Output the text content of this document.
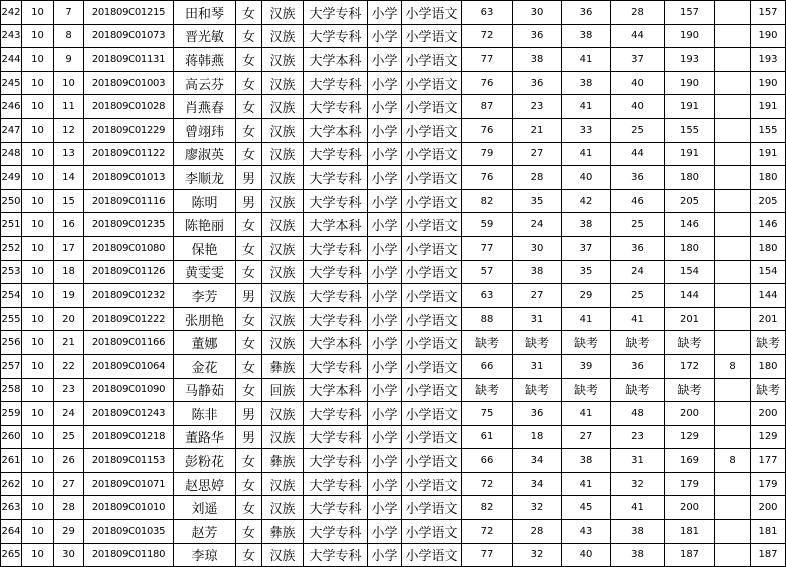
242	10	7	201809C01215	田和琴	女	汉族	大学专科	小学	小学语文	63	30	36	28	157		157
243	10	8	201809C01073	晋光敏	女	汉族	大学专科	小学	小学语文	72	36	38	44	190		190
244	10	9	201809C01131	蒋韩燕	女	汉族	大学本科	小学	小学语文	77	38	41	37	193		193
245	10	10	201809C01003	高云芬	女	汉族	大学专科	小学	小学语文	76	36	38	40	190		190
246	10	11	201809C01028	肖燕春	女	汉族	大学专科	小学	小学语文	87	23	41	40	191		191
247	10	12	201809C01229	曾翊玮	女	汉族	大学本科	小学	小学语文	76	21	33	25	155		155
248	10	13	201809C01122	廖淑英	女	汉族	大学专科	小学	小学语文	79	27	41	44	191		191
249	10	14	201809C01013	李顺龙	男	汉族	大学专科	小学	小学语文	76	28	40	36	180		180
250	10	15	201809C01116	陈明	男	汉族	大学专科	小学	小学语文	82	35	42	46	205		205
251	10	16	201809C01235	陈艳丽	女	汉族	大学本科	小学	小学语文	59	24	38	25	146		146
252	10	17	201809C01080	保艳	女	汉族	大学专科	小学	小学语文	77	30	37	36	180		180
253	10	18	201809C01126	黄雯雯	女	汉族	大学专科	小学	小学语文	57	38	35	24	154		154
254	10	19	201809C01232	李芳	男	汉族	大学专科	小学	小学语文	63	27	29	25	144		144
255	10	20	201809C01222	张朋艳	女	汉族	大学专科	小学	小学语文	88	31	41	41	201		201
256	10	21	201809C01166	董娜	女	汉族	大学本科	小学	小学语文	缺考	缺考	缺考	缺考	缺考		缺考
257	10	22	201809C01064	金花	女	彝族	大学专科	小学	小学语文	66	31	39	36	172	8	180
258	10	23	201809C01090	马静茹	女	回族	大学本科	小学	小学语文	缺考	缺考	缺考	缺考	缺考		缺考
259	10	24	201809C01243	陈非	男	汉族	大学专科	小学	小学语文	75	36	41	48	200		200
260	10	25	201809C01218	董路华	男	汉族	大学专科	小学	小学语文	61	18	27	23	129		129
261	10	26	201809C01153	彭粉花	女	彝族	大学专科	小学	小学语文	66	34	38	31	169	8	177
262	10	27	201809C01071	赵思婷	女	汉族	大学专科	小学	小学语文	72	34	41	32	179		179
263	10	28	201809C01010	刘遥	女	汉族	大学专科	小学	小学语文	82	32	45	41	200		200
264	10	29	201809C01035	赵芳	女	彝族	大学专科	小学	小学语文	72	28	43	38	181		181
265	10	30	201809C01180	李琼	女	汉族	大学专科	小学	小学语文	77	32	40	38	187		187
